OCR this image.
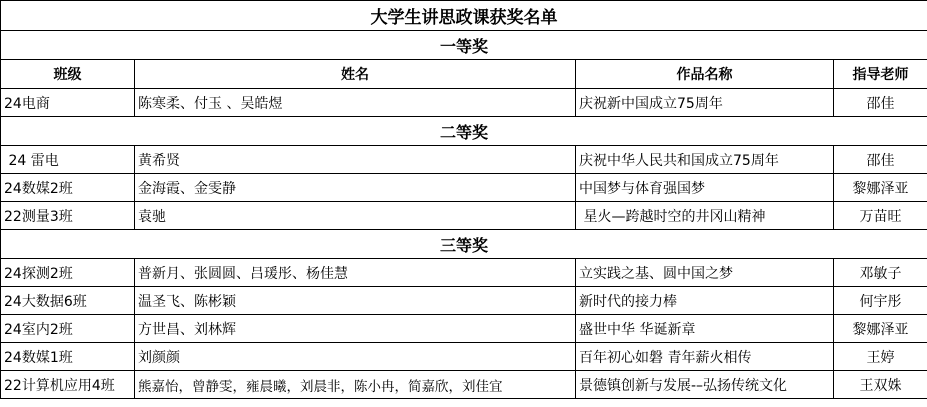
大学生讲思政课获奖名单			
一等奖			
班级	姓名	作品名称	指导老师
24电商	陈寒柔、付玉 、吴皓煜	庆祝新中国成立75周年	邵佳
二等奖			
24 雷电	黄希贤	庆祝中华人民共和国成立75周年	邵佳
24数媒2班	金海霞、金雯静	中国梦与体育强国梦	黎娜泽亚
22测量3班	袁驰	星火—跨越时空的井冈山精神	万苗旺
三等奖			
24探测2班	普新月、张圆圆、吕瑗彤、杨佳慧	立实践之基、圆中国之梦	邓敏子
24大数据6班	温圣飞、陈彬颖	新时代的接力棒	何宇彤
24室内2班	方世昌、刘林辉	盛世中华 华诞新章	黎娜泽亚
24数媒1班	刘颜颜	百年初心如磐 青年薪火相传	王婷
22计算机应用4班	熊嘉怡，曾静雯，雍晨曦，刘晨非，陈小冉，简嘉欣，刘佳宜	景德镇创新与发展-–弘扬传统文化	王双姝
